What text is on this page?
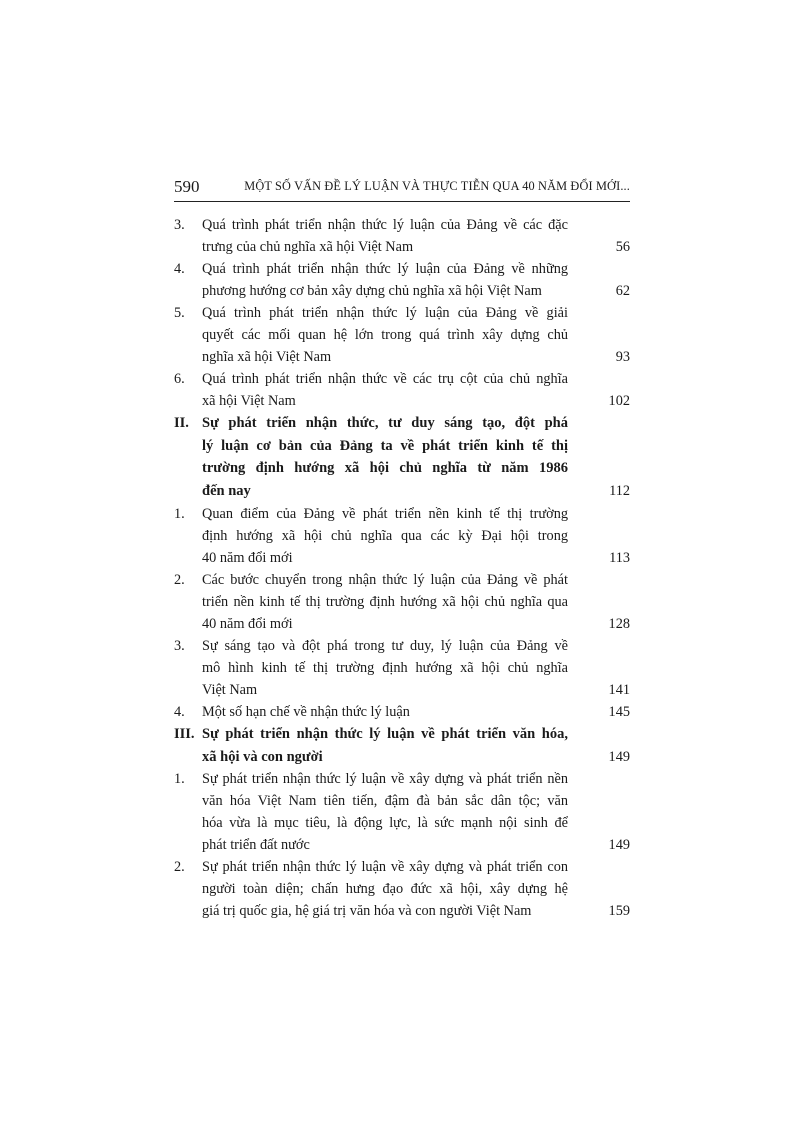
590	MỘT SỐ VẤN ĐỀ LÝ LUẬN VÀ THỰC TIỄN QUA 40 NĂM ĐỔI MỚI...
3. Quá trình phát triển nhận thức lý luận của Đảng về các đặc
trưng của chủ nghĩa xã hội Việt Nam	56
4. Quá trình phát triển nhận thức lý luận của Đảng về những
phương hướng cơ bản xây dựng chủ nghĩa xã hội Việt Nam	62
5. Quá trình phát triển nhận thức lý luận của Đảng về giải
quyết các mối quan hệ lớn trong quá trình xây dựng chủ
nghĩa xã hội Việt Nam	93
6. Quá trình phát triển nhận thức về các trụ cột của chủ nghĩa
xã hội Việt Nam	102
II. Sự phát triển nhận thức, tư duy sáng tạo, đột phá
lý luận cơ bản của Đảng ta về phát triển kinh tế thị
trường định hướng xã hội chủ nghĩa từ năm 1986
đến nay	112
1. Quan điểm của Đảng về phát triển nền kinh tế thị trường
định hướng xã hội chủ nghĩa qua các kỳ Đại hội trong
40 năm đổi mới	113
2. Các bước chuyển trong nhận thức lý luận của Đảng về phát
triển nền kinh tế thị trường định hướng xã hội chủ nghĩa qua
40 năm đổi mới	128
3. Sự sáng tạo và đột phá trong tư duy, lý luận của Đảng về
mô hình kinh tế thị trường định hướng xã hội chủ nghĩa
Việt Nam	141
4. Một số hạn chế về nhận thức lý luận	145
III. Sự phát triển nhận thức lý luận về phát triển văn hóa,
xã hội và con người	149
1. Sự phát triển nhận thức lý luận về xây dựng và phát triển nền
văn hóa Việt Nam tiên tiến, đậm đà bản sắc dân tộc; văn
hóa vừa là mục tiêu, là động lực, là sức mạnh nội sinh để
phát triển đất nước	149
2. Sự phát triển nhận thức lý luận về xây dựng và phát triển con
người toàn diện; chấn hưng đạo đức xã hội, xây dựng hệ
giá trị quốc gia, hệ giá trị văn hóa và con người Việt Nam	159
